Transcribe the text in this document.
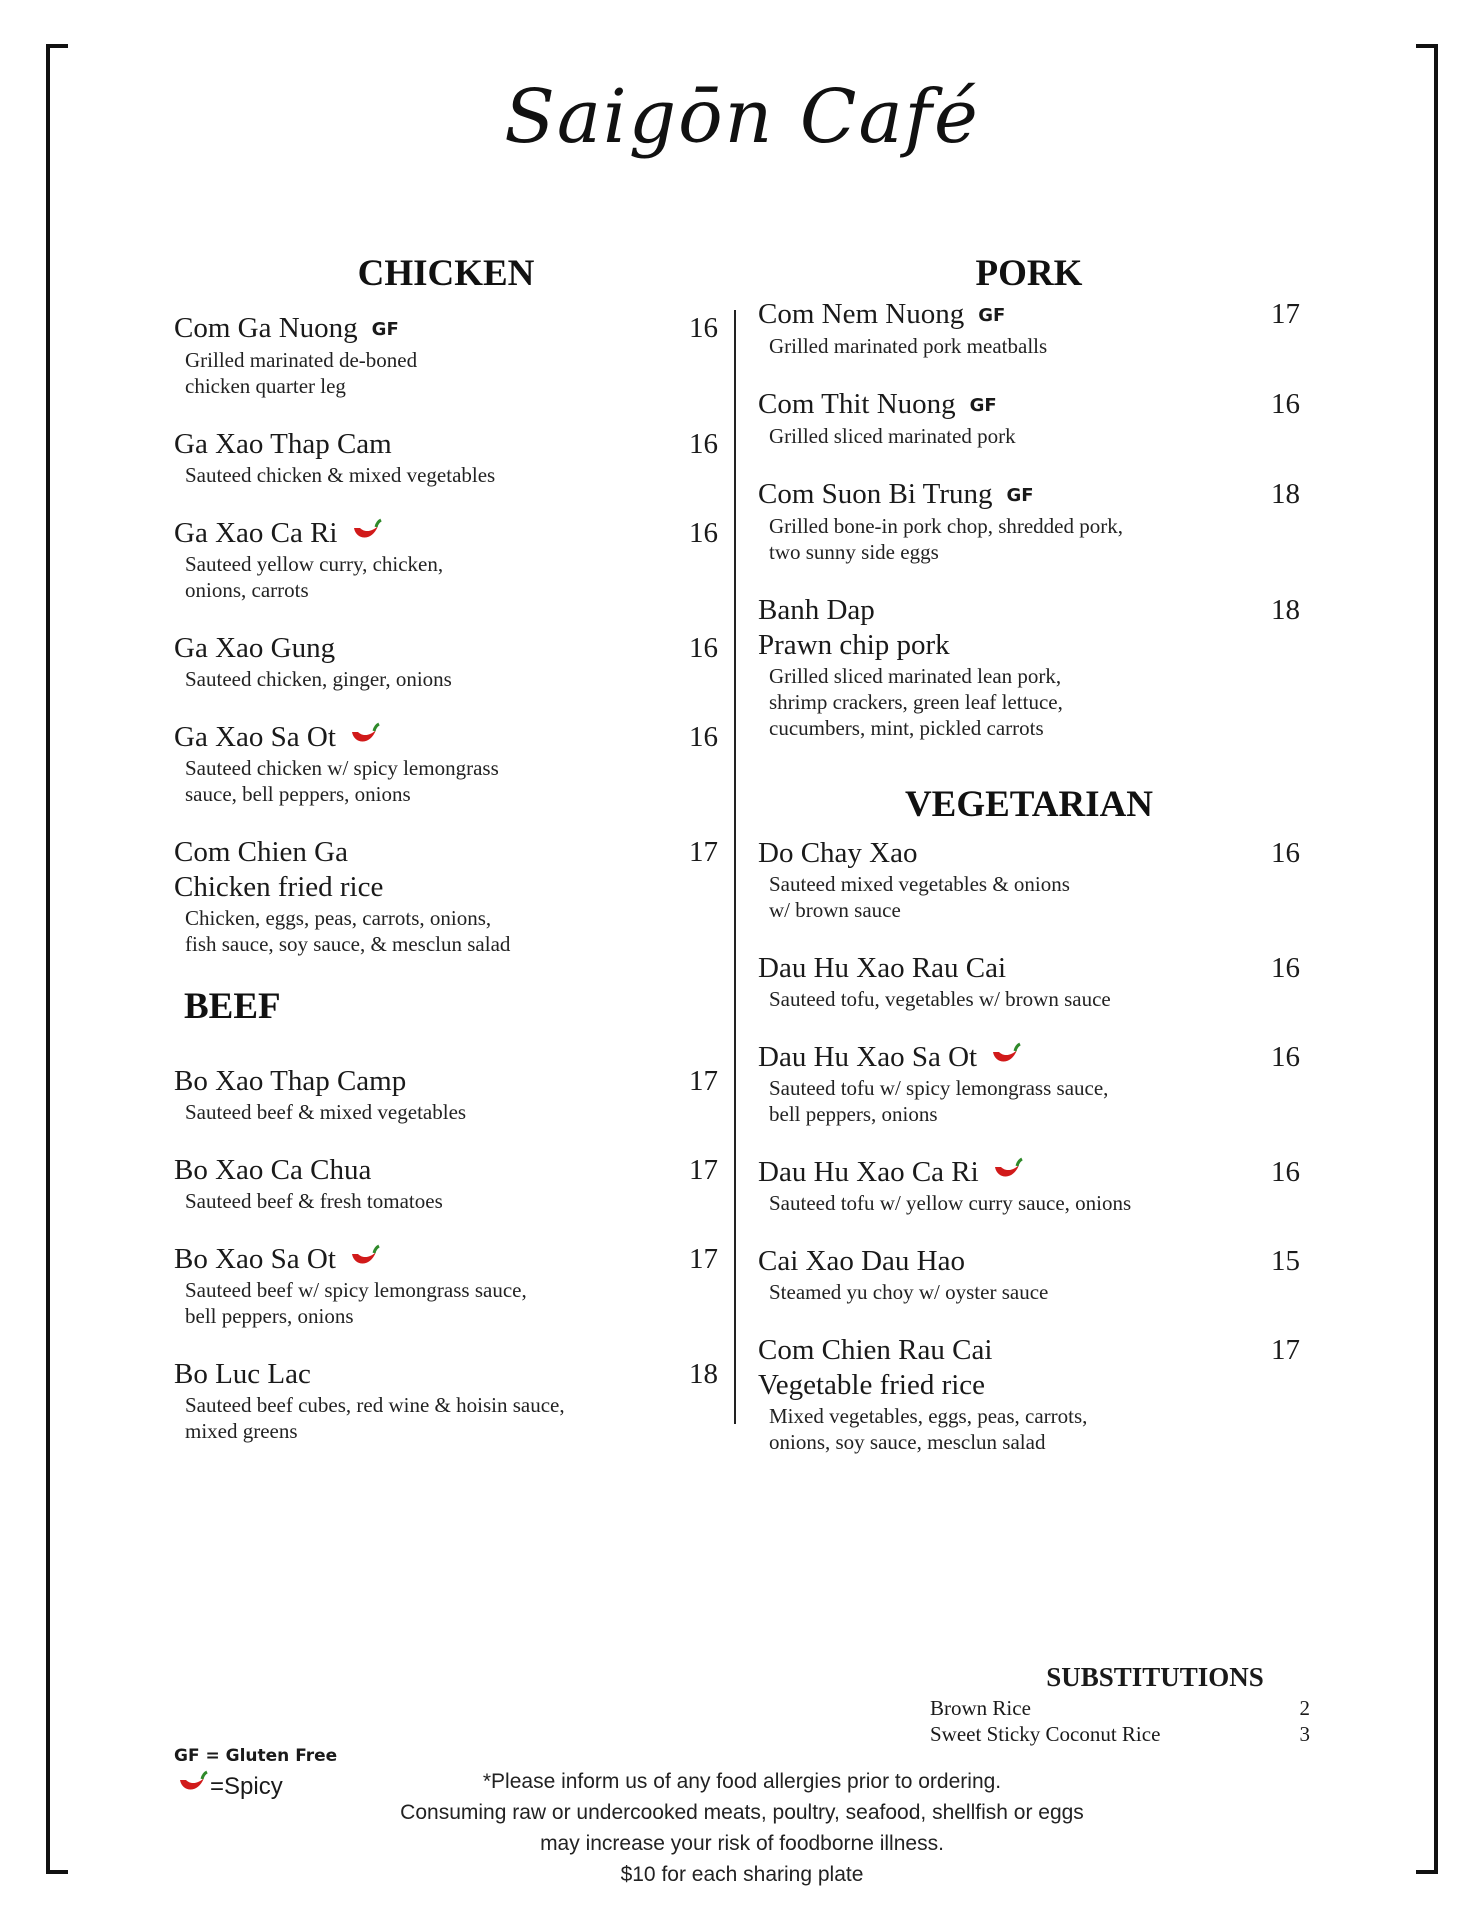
Saigōn Café
CHICKEN
Com Ga Nuong GF	16
Grilled marinated de-boned
chicken quarter leg
Ga Xao Thap Cam	16
Sauteed chicken & mixed vegetables
Ga Xao Ca Ri	16
Sauteed yellow curry, chicken,
onions, carrots
Ga Xao Gung	16
Sauteed chicken, ginger, onions
Ga Xao Sa Ot	16
Sauteed chicken w/ spicy lemongrass
sauce, bell peppers, onions
Com Chien Ga	17
Chicken fried rice
Chicken, eggs, peas, carrots, onions,
fish sauce, soy sauce, & mesclun salad
BEEF
Bo Xao Thap Camp	17
Sauteed beef & mixed vegetables
Bo Xao Ca Chua	17
Sauteed beef & fresh tomatoes
Bo Xao Sa Ot	17
Sauteed beef w/ spicy lemongrass sauce,
bell peppers, onions
Bo Luc Lac	18
Sauteed beef cubes, red wine & hoisin sauce,
mixed greens
PORK
Com Nem Nuong GF	17
Grilled marinated pork meatballs
Com Thit Nuong GF	16
Grilled sliced marinated pork
Com Suon Bi Trung GF	18
Grilled bone-in pork chop, shredded pork,
two sunny side eggs
Banh Dap	18
Prawn chip pork
Grilled sliced marinated lean pork,
shrimp crackers, green leaf lettuce,
cucumbers, mint, pickled carrots
VEGETARIAN
Do Chay Xao	16
Sauteed mixed vegetables & onions
w/ brown sauce
Dau Hu Xao Rau Cai	16
Sauteed tofu, vegetables w/ brown sauce
Dau Hu Xao Sa Ot	16
Sauteed tofu w/ spicy lemongrass sauce,
bell peppers, onions
Dau Hu Xao Ca Ri	16
Sauteed tofu w/ yellow curry sauce, onions
Cai Xao Dau Hao	15
Steamed yu choy w/ oyster sauce
Com Chien Rau Cai	17
Vegetable fried rice
Mixed vegetables, eggs, peas, carrots,
onions, soy sauce, mesclun salad
SUBSTITUTIONS
Brown Rice	2
Sweet Sticky Coconut Rice	3
GF = Gluten Free
=Spicy	*Please inform us of any food allergies prior to ordering.
Consuming raw or undercooked meats, poultry, seafood, shellfish or eggs
may increase your risk of foodborne illness.
$10 for each sharing plate
